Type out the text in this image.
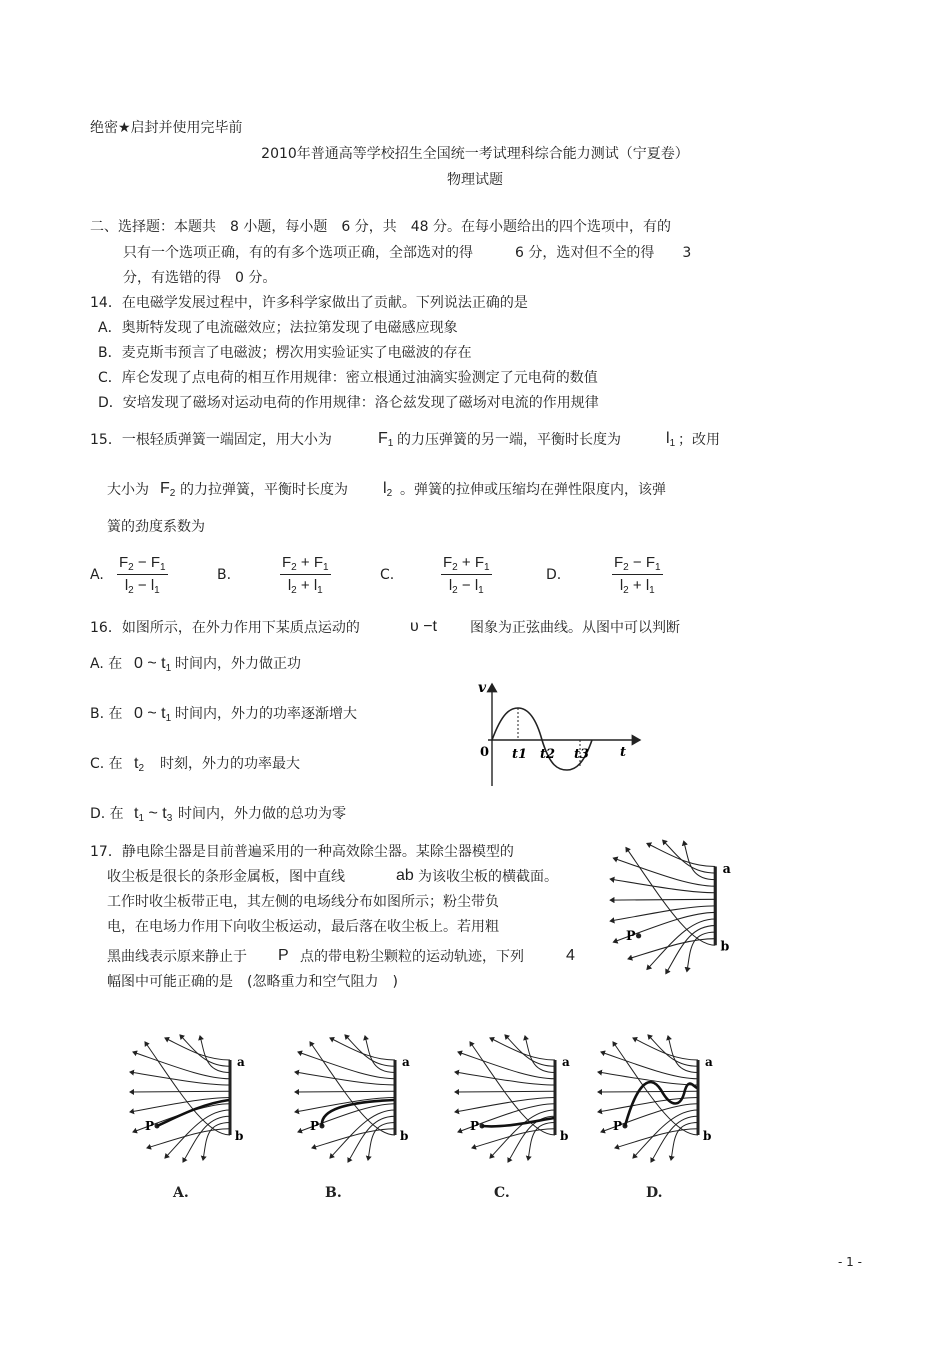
绝密★启封并使用完毕前
2010年普通高等学校招生全国统一考试理科综合能力测试（宁夏卷）
物理试题
二、选择题：本题共　8 小题，每小题　6 分，共　48 分。在每小题给出的四个选项中，有的
只有一个选项正确，有的有多个选项正确，全部选对的得　　　6 分，选对但不全的得　　3
分，有选错的得　0 分。
14．在电磁学发展过程中，许多科学家做出了贡献。下列说法正确的是
A．奥斯特发现了电流磁效应；法拉第发现了电磁感应现象
B．麦克斯韦预言了电磁波；楞次用实验证实了电磁波的存在
C．库仑发现了点电荷的相互作用规律：密立根通过油滴实验测定了元电荷的数值
D．安培发现了磁场对运动电荷的作用规律：洛仑兹发现了磁场对电流的作用规律
15．一根轻质弹簧一端固定，用大小为	$F_1$ 的力压弹簧的另一端，平衡时长度为	$l_1$ ；改用
大小为 $F_2$ 的力拉弹簧，平衡时长度为 $l_2$ 。弹簧的拉伸或压缩均在弹性限度内，该弹
簧的劲度系数为
A. $\frac{F_2 - F_1}{l_2 - l_1}$	B.	$\frac{F_2 + F_1}{l_2 + l_1}$	C.	$\frac{F_2 + F_1}{l_2 - l_1}$	D.	$\frac{F_2 - F_1}{l_2 + l_1}$
16．如图所示，在外力作用下某质点运动的	υ −t 图象为正弦曲线。从图中可以判断
A. 在 0 ~ $t_1$ 时间内，外力做正功
B. 在 0 ~ $t_1$ 时间内，外力的功率逐渐增大
C. 在 $t_2$ 时刻，外力的功率最大
D. 在 $t_1$ ~ $t_3$ 时间内，外力做的总功为零
v
0 t1 t2 t3 t
17．静电除尘器是目前普遍采用的一种高效除尘器。某除尘器模型的
收尘板是很长的条形金属板，图中直线	ab 为该收尘板的横截面。
工作时收尘板带正电，其左侧的电场线分布如图所示；粉尘带负
电，在电场力作用下向收尘板运动，最后落在收尘板上。若用粗
黑曲线表示原来静止于 P 点的带电粉尘颗粒的运动轨迹，下列	4
幅图中可能正确的是　(忽略重力和空气阻力　)
a
b
P
a
b
P
a
b
P
a
b
P
a
b
P
A.	B.	C.	D.
- 1 -
